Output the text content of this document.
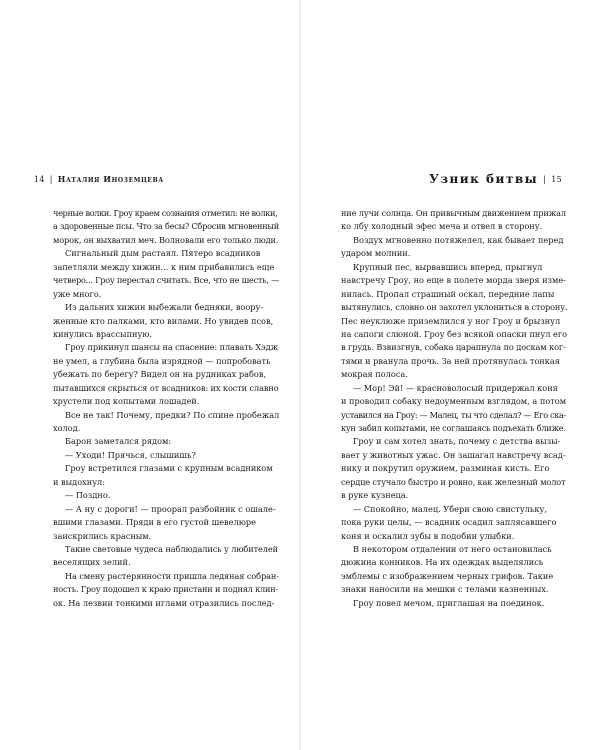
14 | Наталия Иноземцева
черные волки. Гроу краем сознания отметил: не волки,
а здоровенные псы. Что за бесы? Сбросив мгновенный
морок, он выхватил меч. Волновали его только люди.
Сигнальный дым растаял. Пятеро всадников
запетляли между хижин... к ним прибавились еще
четверо... Гроу перестал считать. Все, что не шесть, —
уже много.
Из дальних хижин выбежали бедняки, воору-
женные кто палками, кто вилами. Но увидев псов,
кинулись врассыпную.
Гроу прикинул шансы на спасение: плавать Хэдж
не умел, а глубина была изрядной — попробовать
убежать по берегу? Видел он на рудниках рабов,
пытавшихся скрыться от всадников: их кости славно
хрустели под копытами лошадей.
Все не так! Почему, предки? По спине пробежал
холод.
Барон заметался рядом:
— Уходи! Прячься, слышишь?
Гроу встретился глазами с крупным всадником
и выдохнул:
— Поздно.
— А ну с дороги! — проорал разбойник с ошале-
вшими глазами. Пряди в его густой шевелюре
заискрились красным.
Такие световые чудеса наблюдались у любителей
веселящих зелий.
На смену растерянности пришла ледяная собран-
ность. Гроу подошел к краю пристани и поднял клин-
ок. На лезвии тонкими иглами отразились послед-
Узник битвы | 15
ние лучи солнца. Он привычным движением прижал
ко лбу холодный эфес меча и отвел в сторону.
Воздух мгновенно потяжелел, как бывает перед
ударом молнии.
Крупный пес, вырвавшись вперед, прыгнул
навстречу Гроу, но еще в полете морда зверя изме-
нилась. Пропал страшный оскал, передние лапы
вытянулись, словно он захотел уклониться в сторону.
Пес неуклюже приземлился у ног Гроу и брызнул
на сапоги слюной. Гроу без всякой опаски пнул его
в грудь. Взвизгнув, собака царапнула по доскам ког-
тями и рванула прочь. За ней протянулась тонкая
мокрая полоса.
— Мор! Эй! — красноволосый придержал коня
и проводил собаку недоуменным взглядом, а потом
уставился на Гроу: — Малец, ты что сделал? — Его ска-
кун забил копытами, не соглашаясь подъехать ближе.
Гроу и сам хотел знать, почему с детства вызы-
вает у животных ужас. Он зашагал навстречу всад-
нику и покрутил оружием, разминая кисть. Его
сердце стучало быстро и ровно, как железный молот
в руке кузнеца.
— Спокойно, малец. Убери свою свистульку,
пока руки целы, — всадник осадил заплясавшего
коня и оскалил зубы в подобии улыбки.
В некотором отдалении от него остановилась
дюжина конников. На их одеждах выделялись
эмблемы с изображением черных грифов. Такие
знаки наносили на мешки с телами казненных.
Гроу повел мечом, приглашая на поединок.
